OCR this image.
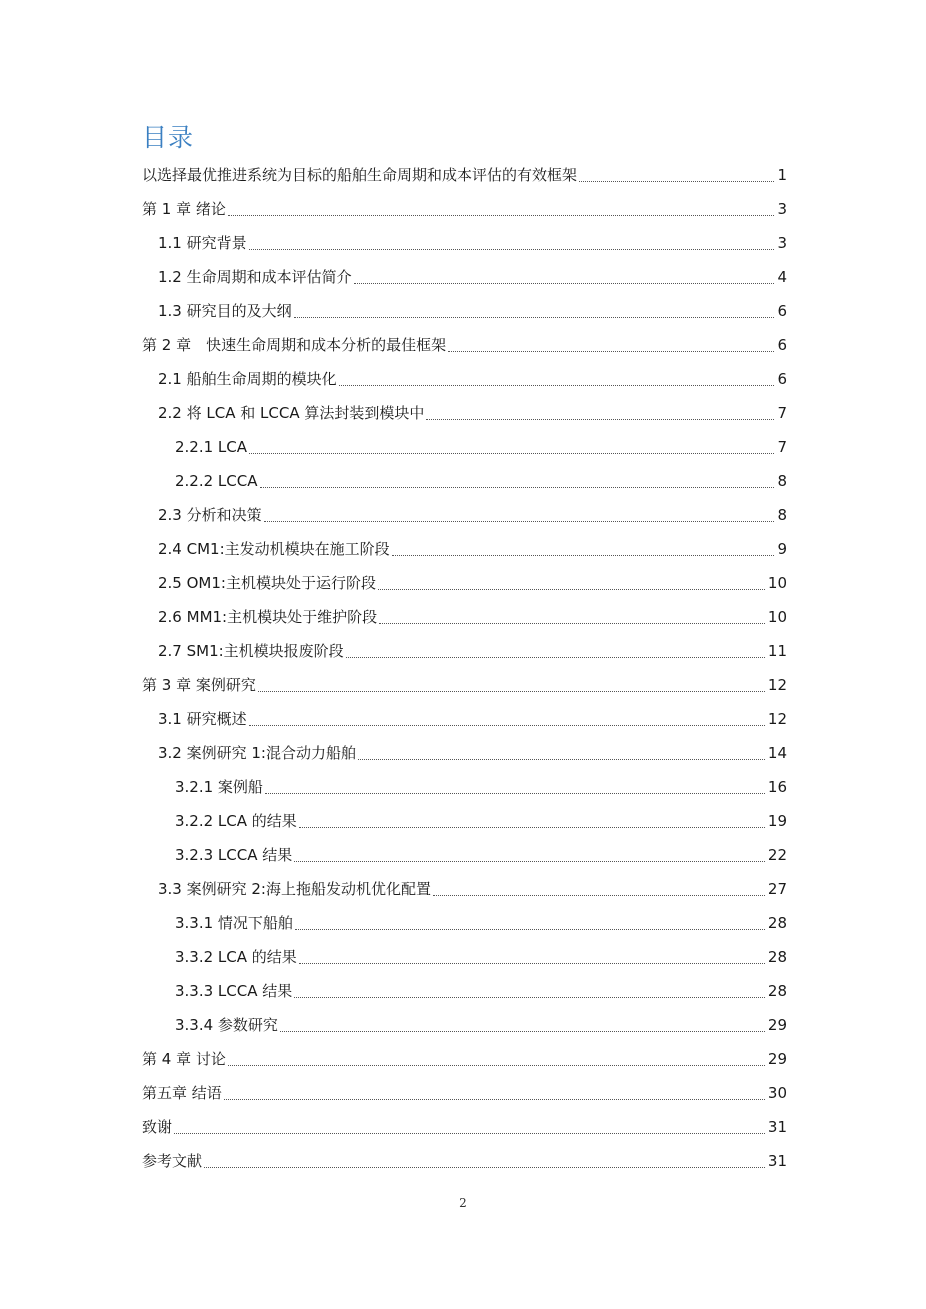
目录
以选择最优推进系统为目标的船舶生命周期和成本评估的有效框架	1
第 1 章 绪论	3
1.1 研究背景	3
1.2 生命周期和成本评估简介	4
1.3 研究目的及大纲	6
第 2 章　快速生命周期和成本分析的最佳框架	6
2.1 船舶生命周期的模块化	6
2.2 将 LCA 和 LCCA 算法封装到模块中	7
2.2.1 LCA	7
2.2.2 LCCA	8
2.3 分析和决策	8
2.4 CM1:主发动机模块在施工阶段	9
2.5 OM1:主机模块处于运行阶段	10
2.6 MM1:主机模块处于维护阶段	10
2.7 SM1:主机模块报废阶段	11
第 3 章 案例研究	12
3.1 研究概述	12
3.2 案例研究 1:混合动力船舶	14
3.2.1 案例船	16
3.2.2 LCA 的结果	19
3.2.3 LCCA 结果	22
3.3 案例研究 2:海上拖船发动机优化配置	27
3.3.1 情况下船舶	28
3.3.2 LCA 的结果	28
3.3.3 LCCA 结果	28
3.3.4 参数研究	29
第 4 章 讨论	29
第五章 结语	30
致谢	31
参考文献	31
2
